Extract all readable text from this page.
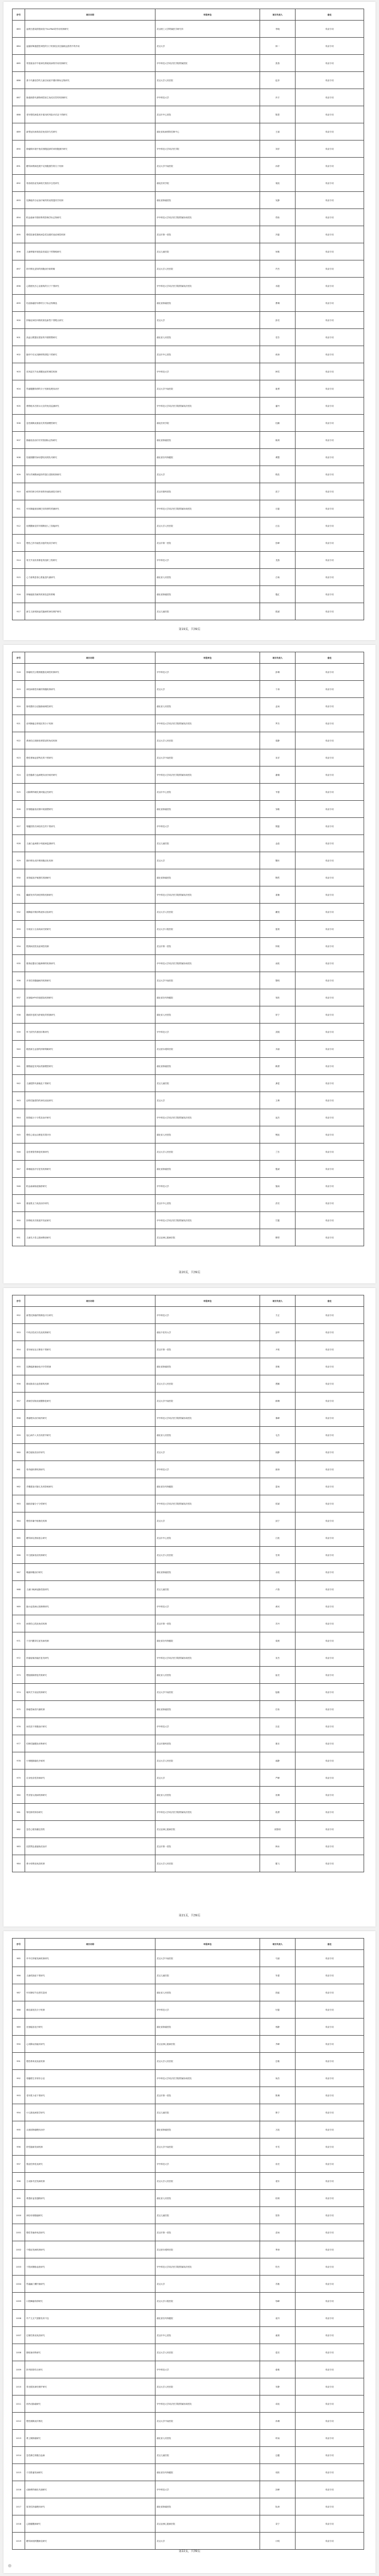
序号	项目名称	申报单位	项目负责人	备注
883	血吸虫感染肝脏病变中lncRNA的作用机制研究	武汉理工大学附属医学研究所	李晓	转录专项
884	血脑屏障通透性调控的分子机制及其在脑缺血损伤中的作用	武汉大学	林一	转录专项
885	青蒿素治疗中枢神经系统疾病的作用机制研究	华中科技大学同济医学院附属医院	张燕	转录专项
886	基于代谢组学的儿童自闭症早期诊断标志物研究	武汉大学人民医院	赵彦	转录专项
887	肠道菌群代谢物调控宿主免疫应答的机制研究	华中科技大学	肖宇	转录专项
888	老年慢性病患者多重用药风险评估及干预研究	武汉市中心医院	陈思	转录专项
889	新型冠状病毒疫苗免疫持久性研究	湖北省疾病预防控制中心	王丽	转录专项
890	肿瘤微环境中免疫细胞浸润的单细胞测序研究	华中科技大学同济医学院	刘洋	转录专项
891	糖尿病肾病进展中足细胞损伤的分子机制	武汉大学中南医院	孙婷	转录专项
892	骨质疏松症发病相关基因多态性研究	湖北医药学院	周凯	转录专项
893	乳腺癌内分泌治疗耐药的表观遗传学机制	湖北省肿瘤医院	吴静	转录专项
894	帕金森病早期诊断的影像学标志物研究	华中科技大学同济医学院附属协和医院	郑伟	转录专项
895	慢性阻塞性肺疾病急性加重的炎症调控机制	武汉市第一医院	冯磊	转录专项
896	儿童哮喘环境危险因素及干预策略研究	武汉儿童医院	何敏	转录专项
897	肝纤维化逆转的细胞治疗新策略	武汉大学人民医院	许杰	转录专项
898	心肌梗死后心室重构的分子干预研究	华中科技大学同济医学院附属同济医院	邓超	转录专项
899	结直肠癌肝转移的分子标志物筛选	湖北省肿瘤医院	曹琳	转录专项
900	抑郁症神经环路机制及新型干预靶点研究	武汉大学	彭亮	转录专项
901	高血压靶器官损害的早期预警研究	湖北省人民医院	袁芳	转录专项
902	脑卒中后认知障碍的康复干预研究	武汉市中心医院	蒋涛	转录专项
903	类风湿关节炎滑膜炎症的调控机制	华中科技大学	韩雪	转录专项
904	胃癌腹膜转移的分子机制及靶向治疗	武汉大学中南医院	唐勇	转录专项
905	肾移植术后排斥反应的免疫监测研究	华中科技大学同济医学院附属同济医院	潘丹	转录专项
906	急性胰腺炎重症化的预测模型研究	湖北医药学院	杜鹏	转录专项
907	肺癌免疫治疗疗效预测标志物研究	湖北省肿瘤医院	姚琪	转录专项
908	妊娠期糖尿病母婴结局的队列研究	湖北省妇幼保健院	谭慧	转录专项
909	阿尔茨海默病淀粉样蛋白清除机制研究	武汉大学	程浩	转录专项
910	耐药结核分枝杆菌的快速检测技术研究	武汉市肺科医院	范宁	转录专项
911	甲状腺癌颈部淋巴结转移的预测研究	华中科技大学同济医学院附属协和医院	石磊	转录专项
912	视网膜病变的早期筛查人工智能研究	武汉大学人民医院	汪洁	转录专项
913	慢性乙肝功能性治愈的免疫学研究	武汉市第一医院	贺峰	转录专项
914	骨关节炎软骨修复的组织工程研究	华中科技大学	龙燕	转录专项
915	心力衰竭患者心肌能量代谢研究	湖北省人民医院	白杨	转录专项
916	卵巢癌铂类耐药机制及逆转策略	湖北省肿瘤医院	殷红	转录专项
917	新生儿缺氧缺血性脑病的神经保护研究	武汉儿童医院	段斌	转录专项
第19页，共39页
序号	项目名称	申报单位	项目负责人	备注
918	肿瘤相关巨噬细胞极化调控机制研究	华中科技大学	彭琳	转录专项
919	神经病理性疼痛的脊髓机制研究	武汉大学	于涛	转录专项
920	肠易激综合征脑肠轴调控研究	湖北省人民医院	孟雨	转录专项
921	前列腺癌去势抵抗的分子机制	华中科技大学同济医学院附属同济医院	罗杰	转录专项
922	系统性红斑狼疮肾损害的免疫机制	武汉大学人民医院	梁静	转录专项
923	慢性肾病血管钙化的干预研究	武汉大学中南医院	宋洋	转录专项
924	急性髓系白血病靶向治疗耐药研究	华中科技大学同济医学院附属协和医院	谢娜	转录专项
925	动脉粥样硬化斑块稳定性研究	武汉市中心医院	韦强	转录专项
926	肝细胞癌免疫微环境重塑研究	湖北省肿瘤医院	邹敏	转录专项
927	脊髓损伤后神经再生的干预研究	华中科技大学	熊磊	转录专项
928	儿童白血病微小残留病监测研究	武汉儿童医院	金晶	转录专项
929	肺纤维化成纤维细胞活化机制	武汉大学	魏东	转录专项
930	食管癌放疗敏感性预测研究	湖北省肿瘤医院	陶然	转录专项
931	癫痫发作的神经网络机制研究	华中科技大学同济医学院附属同济医院	姜楠	转录专项
932	胰腺癌早期诊断液体活检研究	武汉大学人民医院	戴悦	转录专项
933	牙周炎与全身疾病关联研究	武汉大学口腔医院	夏晨	转录专项
934	银屑病皮肤炎症调控机制	武汉市第一医院	钟莉	转录专项
935	脓毒症器官功能障碍的机制研究	华中科技大学同济医学院附属协和医院	汤波	转录专项
936	多发性骨髓瘤耐药机制研究	武汉大学中南医院	黎明	转录专项
937	宫颈癌HPV持续感染机制研究	湖北省妇幼保健院	易欣	转录专项
938	脂肪肝进展为肝硬化的预测研究	湖北省人民医院	常宁	转录专项
939	听力损失的基因诊断研究	华中科技大学	武刚	转录专项
940	眼底新生血管的抑制策略研究	武汉爱尔眼科医院	乔丽	转录专项
941	膀胱癌复发风险预测模型研究	湖北省肿瘤医院	赖勇	转录专项
942	儿童肥胖代谢紊乱干预研究	武汉儿童医院	龚雯	转录专项
943	创伤性脑损伤的神经炎症研究	武汉大学	文博	转录专项
944	胆管癌分子分型及治疗研究	华中科技大学同济医学院附属同济医院	庞杰	转录专项
945	慢性心衰运动康复效果评价	湖北省人民医院	樊凯	转录专项
946	急性肾损伤修复机制研究	武汉大学人民医院	兰芳	转录专项
947	鼻咽癌放疗后复发机制研究	湖北省肿瘤医院	殷斌	转录专项
948	帕金森病肠道菌群研究	华中科技大学	施雨	转录专项
949	重症肌无力免疫治疗研究	武汉市中心医院	洪亮	转录专项
950	肝移植术后胆道并发症研究	华中科技大学同济医学院附属同济医院	甘露	转录专项
951	儿童先天性心脏病筛查研究	武汉亚洲心脏病医院	柳青	转录专项
第20页，共39页
序号	项目名称	申报单位	项目负责人	备注
952	新型抗肿瘤药物筛选平台研究	华中科技大学	方正	转录专项
953	中药活性成分抗炎机制研究	湖北中医药大学	邵华	转录专项
954	老年痴呆社区筛查干预研究	武汉市第一医院	尹莉	转录专项
955	乳腺癌新辅助化疗疗效预测	湖北省肿瘤医院	蔡敏	转录专项
956	肺动脉高压血管重构机制	武汉大学人民医院	贾鹏	转录专项
957	溃疡性结肠炎黏膜修复研究	武汉大学中南医院	顾琳	转录专项
958	肾癌靶向治疗耐药研究	华中科技大学同济医学院附属协和医院	秦峰	转录专项
959	冠心病介入术后再狭窄研究	湖北省人民医院	毛杰	转录专项
960	淋巴瘤免疫治疗研究	武汉大学	阎静	转录专项
961	骨肉瘤转移机制研究	华中科技大学	薛涛	转录专项
962	孕期感染对胎儿发育影响研究	湖北省妇幼保健院	雷雨	转录专项
963	脑胶质瘤分子分型研究	华中科技大学同济医学院附属同济医院	侯斌	转录专项
964	慢性疼痛中枢敏化机制	武汉大学	邱宁	转录专项
965	糖尿病足溃疡愈合研究	武汉市中心医院	江波	转录专项
966	甲亢眼病免疫机制研究	武汉大学人民医院	史琪	转录专项
967	喉癌保喉治疗研究	湖北省肿瘤医院	余凯	转录专项
968	儿童川崎病冠脉损害研究	武汉儿童医院	卢燕	转录专项
969	脑小血管病认知障碍研究	华中科技大学	黄河	转录专项
970	病毒性心肌炎免疫机制	武汉市第一医院	苏丹	转录专项
971	子宫内膜异位症发病机制	湖北省妇幼保健院	梁晨	转录专项
972	肝癌射频消融后复发研究	华中科技大学同济医学院附属协和医院	宋杰	转录专项
973	慢阻肺肺康复效果研究	湖北省人民医院	崔亮	转录专项
974	痛风关节炎症机制研究	武汉大学中南医院	陆敏	转录专项
975	肿瘤恶病质代谢机制	湖北省肿瘤医院	任伟	转录专项
976	间充质干细胞治疗研究	华中科技大学	沈佳	转录专项
977	结核性脑膜炎诊断研究	武汉市肺科医院	康乐	转录专项
978	小细胞肺癌化疗耐药	武汉大学人民医院	郝静	转录专项
979	自身免疫性肝病研究	武汉大学	严峰	转录专项
980	胃食管反流病机制研究	湖北省人民医院	祝琳	转录专项
981	脊柱侧弯矫形研究	华中科技大学同济医学院附属同济医院	段勇	转录专项
982	急性心梗再灌注损伤	武汉亚洲心脏病医院	欧阳明	转录专项
983	皮肤黑色素瘤免疫治疗	武汉市第一医院	韩冰	转录专项
984	肾小球肾炎免疫机制	武汉大学人民医院	滕飞	转录专项
第21页，共39页
序号	项目名称	申报单位	项目负责人	备注
985	卒中后抑郁发病机制研究	武汉大学中南医院	马丽	转录专项
986	儿童孤独症干预研究	武汉儿童医院	朱强	转录专项
987	甲状腺结节良恶性鉴别	湖北省人民医院	钱瑶	转录专项
988	胰岛素抵抗分子机制	华中科技大学	付磊	转录专项
989	宫颈癌放化疗研究	湖北省肿瘤医院	邢静	转录专项
990	心房颤动消融术研究	武汉亚洲心脏病医院	齐峰	转录专项
991	慢性鼻窦炎炎症机制	武汉大学人民医院	岳敏	转录专项
992	骨髓增生异常综合征	华中科技大学同济医学院附属协和医院	尚杰	转录专项
993	老年肌少症干预研究	武汉市第一医院	焦琳	转录专项
994	小儿肺炎病原学研究	武汉儿童医院	鲁宁	转录专项
995	头颈部肿瘤靶向治疗	湖北省肿瘤医院	万凯	转录专项
996	肝性脑病发病机制	武汉大学中南医院	车雪	转录专项
997	强直性脊柱炎研究	华中科技大学	房亮	转录专项
998	主动脉夹层发病机制	武汉大学人民医院	裴东	转录专项
999	肾透析血管通路研究	湖北省人民医院	柏琪	转录专项
1000	神经母细胞瘤研究	武汉儿童医院	管彤	转录专项
1001	慢性荨麻疹免疫研究	武汉市第一医院	苗雨	转录专项
1002	干眼症发病机制研究	武汉爱尔眼科医院	季涛	转录专项
1003	下肢深静脉血栓研究	华中科技大学同济医学院附属同济医院	符杰	转录专项
1004	胃癌幽门螺杆菌研究	武汉大学	苏敏	转录专项
1005	口腔鳞癌转移研究	武汉大学口腔医院	邬峰	转录专项
1006	早产儿支气管肺发育不良	湖北省妇幼保健院	莫丹	转录专项
1007	过敏性鼻炎免疫研究	武汉市中心医院	童晨	转录专项
1008	肺栓塞诊断研究	武汉大学人民医院	葛亮	转录专项
1009	肝内胆管结石研究	华中科技大学	骆敏	转录专项
1010	青光眼视神经保护研究	武汉大学人民医院	安静	转录专项
1011	颅内动脉瘤研究	华中科技大学同济医学院附属协和医院	卓凯	转录专项
1012	慢性胰腺炎纤维化	武汉大学中南医院	冉琳	转录专项
1013	肾上腺肿瘤研究	湖北省人民医院	时雨	转录专项
1014	急性淋巴细胞白血病	武汉儿童医院	边疆	转录专项
1015	子宫肌瘤发病研究	湖北省妇幼保健院	项欣	转录专项
1016	动脉粥样硬化代谢研究	华中科技大学	祁峰	转录专项
1017	原发性肝癌靶向研究	湖北省肿瘤医院	阮涛	转录专项
1018	心脏瓣膜病研究	武汉亚洲心脏病医院	栾宁	转录专项
1019	糖尿病视网膜病变研究	武汉大学	计明	转录专项
第22页，共39页
